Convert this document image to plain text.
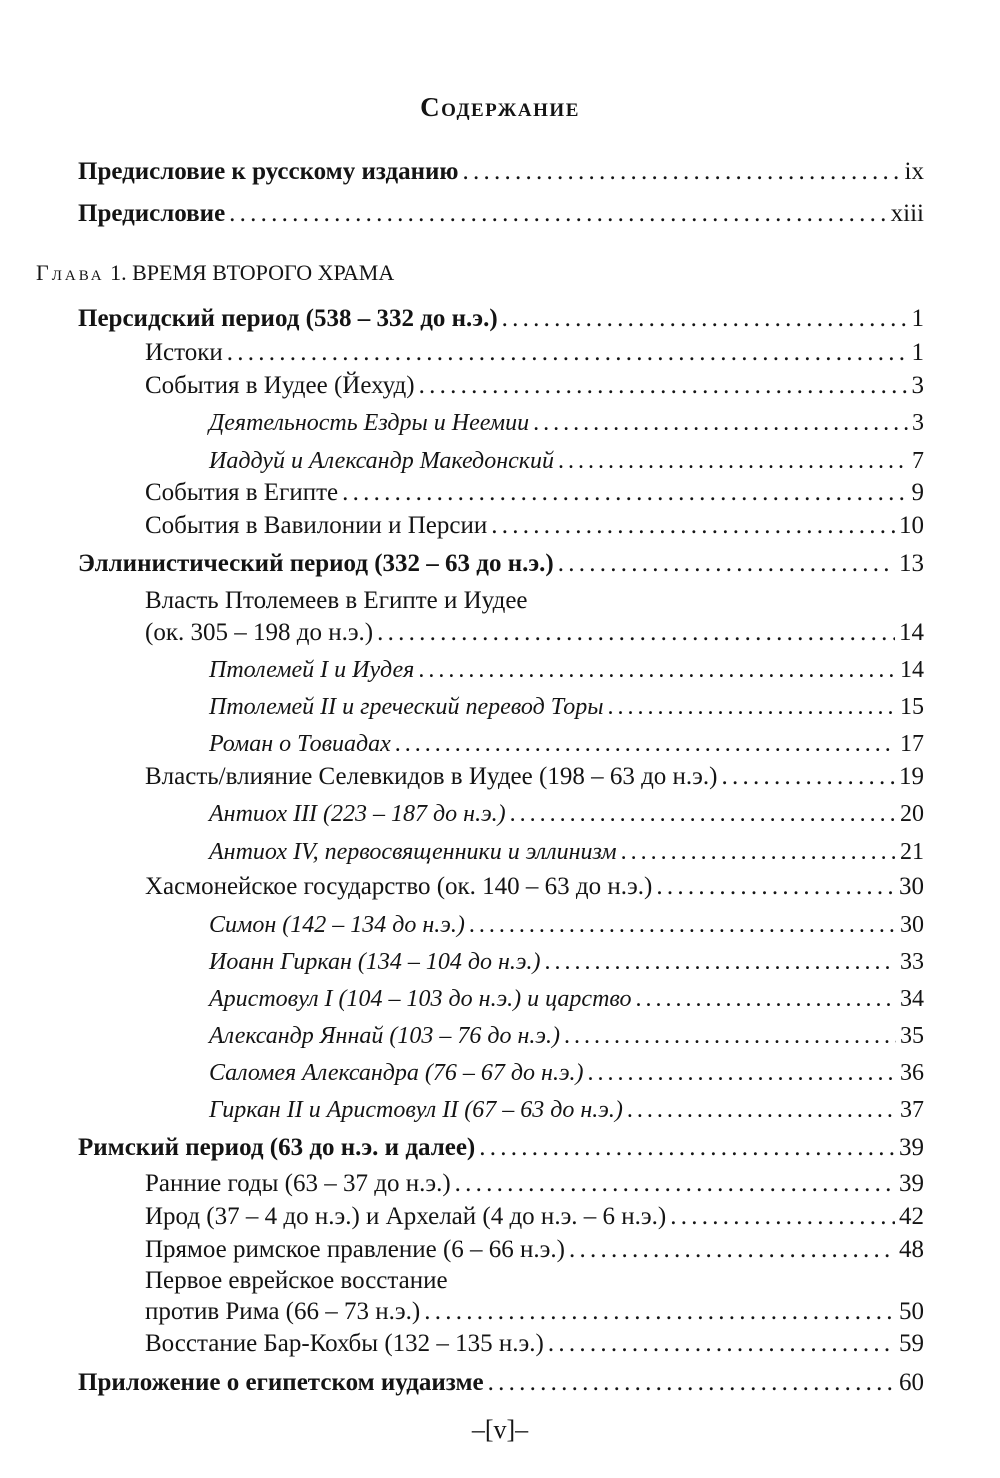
Содержание
Предисловие к русскому изданию . . .	ix
Предисловие . . .	xiii
Глава 1. ВРЕМЯ ВТОРОГО ХРАМА
Персидский период (538 – 332 до н.э.) . . .	1
Истоки . . .	1
События в Иудее (Йехуд) . . .	3
Деятельность Ездры и Неемии . . .	3
Иаддуй и Александр Македонский . . .	7
События в Египте . . .	9
События в Вавилонии и Персии . . .	10
Эллинистический период (332 – 63 до н.э.) . . .	13
Власть Птолемеев в Египте и Иудее
(ок. 305 – 198 до н.э.) . . .	14
Птолемей I и Иудея . . .	14
Птолемей II и греческий перевод Торы . . .	15
Роман о Товиадах . . .	17
Власть/влияние Селевкидов в Иудее (198 – 63 до н.э.) . . .	19
Антиох III (223 – 187 до н.э.) . . .	20
Антиох IV, первосвященники и эллинизм . . .	21
Хасмонейское государство (ок. 140 – 63 до н.э.) . . .	30
Симон (142 – 134 до н.э.) . . .	30
Иоанн Гиркан (134 – 104 до н.э.) . . .	33
Аристовул I (104 – 103 до н.э.) и царство . . .	34
Александр Яннай (103 – 76 до н.э.) . . .	35
Саломея Александра (76 – 67 до н.э.) . . .	36
Гиркан II и Аристовул II (67 – 63 до н.э.) . . .	37
Римский период (63 до н.э. и далее) . . .	39
Ранние годы (63 – 37 до н.э.) . . .	39
Ирод (37 – 4 до н.э.) и Архелай (4 до н.э. – 6 н.э.) . . .	42
Прямое римское правление (6 – 66 н.э.) . . .	48
Первое еврейское восстание
против Рима (66 – 73 н.э.) . . .	50
Восстание Бар-Кохбы (132 – 135 н.э.) . . .	59
Приложение о египетском иудаизме . . .	60
–[v]–
